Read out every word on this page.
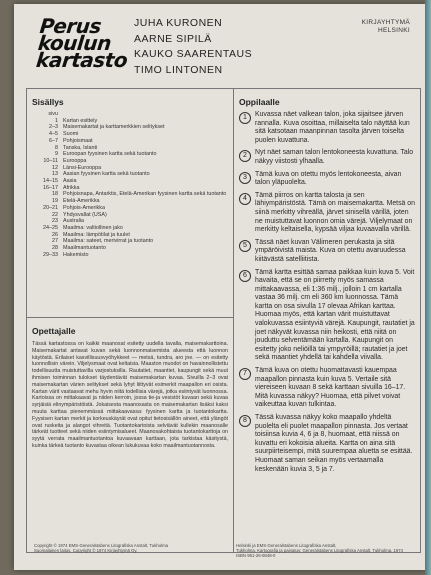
Perus
koulun
kartasto
JUHA KURONEN
AARNE SIPILÄ
KAUKO SAARENTAUS
TIMO LINTONEN
KIRJAYHTYMÄ
HELSINKI
Sisällys
sivu
1 Kartan esittely
2–3 Maisemakartat ja karttamerkkien selitykset
4–5 Suomi
6–7 Pohjoismaat
8 Tanska, Islanti
9 Euroopan fyysinen kartta sekä tuotanto
10–11 Eurooppa
12 Länsi-Eurooppa
13 Aasian fyysinen kartta sekä tuotanto
14–15 Aasia
16–17 Afrikka
18 Pohjoisnapa, Antarktis, Etelä-Amerikan fyysinen kartta sekä tuotanto
19 Etelä-Amerikka
20–21 Pohjois-Amerikka
22 Yhdysvallat (USA)
23 Australia
24–25 Maailma: valtiollinen jako
26 Maailma: lämpötilat ja tuulet
27 Maailma: sateet, merivirrat ja tuotanto
28 Maailmantuotanto
29–33 Hakemisto
Opettajalle
Tässä kartastossa on kaikki maanosat esitetty uudella tavalla, maisemakarttoina. Maisemakartat antavat kuvan sekä luonnonmaisemista alueesta että luonnon käytöstä. Erilaiset kasvillisuusvyöhykkeet — metsä, tundra, aro jne. — on esitetty luonnollisin värein. Viljelysmaat ovat keltaisia. Maaston muodot on havainnollistettu todellisuutta muistuttavilla varjostuksilla. Rautatiet, maantiet, kaupungit sekä muut ihmisen toiminnan tulokset täydentävät maisemakartan kuvaa. Sivuilla 2–3 ovat maisemakartan värien selitykset sekä lyhyt liittyvät esimerkit maapallon eri osista. Kartan värit vastaavat mehu hyvin niitä todellisia värejä, jotka esiintyvät luonnossa. Kartoissa on mittakaavat ja niiden kerroin, jossa tie-ja vesistöt kuvaan sekä kuvaa syrjäisiä elinympäristöistä. Jokaisesta maanosasta on maisemakartan lisäksi kaksi muuta karttaa pienemmässä mittakaavassa: fyysinen kartta ja tuotantokartta. Fyysisen kartan merkit ja korkeuskäyrät ovat opitut tietosisällön aineet, että ylängöt ovat ruskeita ja alangot vihreitä. Tuotantokartoista selviävät kullekin maanosalle tärkeät tuotteet sekä niiden esiintymisalueet. Maanosakohtaisia tuotantokarttoja on syytä verrata maailmantuotantoa kuvaavaan karttaan, jota tarkistaa käsitystä, kuinka tärkeä tuotanto kuvastaa oikean lukukuvaa koko maailmantuotannosta.
Oppilaalle
1	Kuvassa näet valkean talon, joka sijaitsee järven rannalla. Kuva osoittaa, millaiselta talo näyttää kun sitä katsotaan maanpinnan tasolta järven toiselta puolen kuvattuna.
2	Nyt näet saman talon lentokoneesta kuvattuna. Talo näkyy viistosti ylhaalla.
3	Tämä kuva on otettu myös lentokoneesta, aivan talon yläpuolelta.
4	Tämä piirros on kartta talosta ja sen lähiympäristöstä. Tämä on maisemakartta. Metsä on siinä merkitty vihreällä, järvet sinisellä värillä, joten ne muistuttavat luonnon omia värejä. Viljelymaat on merkitty keltaisella, kypsää viljaa kuvaavalla värillä.
5	Tässä näet kuvan Välimeren perukasta ja sitä ympäröivistä maista. Kuva on otettu avaruudessa kiitävästä satelliitista.
6	Tämä kartta esittää samaa paikkaa kuin kuva 5. Voit havaita, että se on piirretty myös samassa mittakaavassa, eli 1:36 milj., jolloin 1 cm kartalla vastaa 36 milj. cm eli 360 km luonnossa. Tämä kartta on osa sivulla 17 olevaa Afrikan karttaa. Huomaa myös, että kartan värit muistuttavat valokuvassa esiintyviä värejä. Kaupungit, rautatiet ja joet näkyvät kuvassa niin heikosti, että niitä on jouduttu selventämään kartalla. Kaupungit on esitetty joko neliöillä tai ympyröillä; rautatiet ja joet sekä maantiet yhdellä tai kahdella viivalla.
7	Tämä kuva on otettu huomattavasti kauempaa maapallon pinnasta kuin kuva 5. Vertaile sitä viereiseen kuvaan 8 sekä karttaan sivuilla 16–17. Mitä kuvassa näkyy? Huomaa, että pilvet voivat vaikeuttaa kuvan tulkintaa.
8	Tässä kuvassa näkyy koko maapallo yhdeltä puolelta eli puolet maapallon pinnasta. Jos vertaat toisiinsa kuvia 4, 6 ja 8, huomaat, että niissä on kuvattu eri kokoisia alueita. Kartta on aina sitä suurpiirteisempi, mitä suurempaa aluetta se esittää. Huomaat saman seikan myös vertaamalla keskenään kuvia 3, 5 ja 7.
Copyright © 1974 EMS-Generalstabens Litografiska Anstalt, Tukholma
Suomalainen laitos. Copyright © 1974 Kirjayhtymä Oy.
Helsinki ja EMS-Generalstabens Litografiska Anstalt,
Tukholma. Kartografia ja painatus: Generalstabens Litografiska Anstalt, Tukholma, 1974
ISBN 951-26-0848-0
